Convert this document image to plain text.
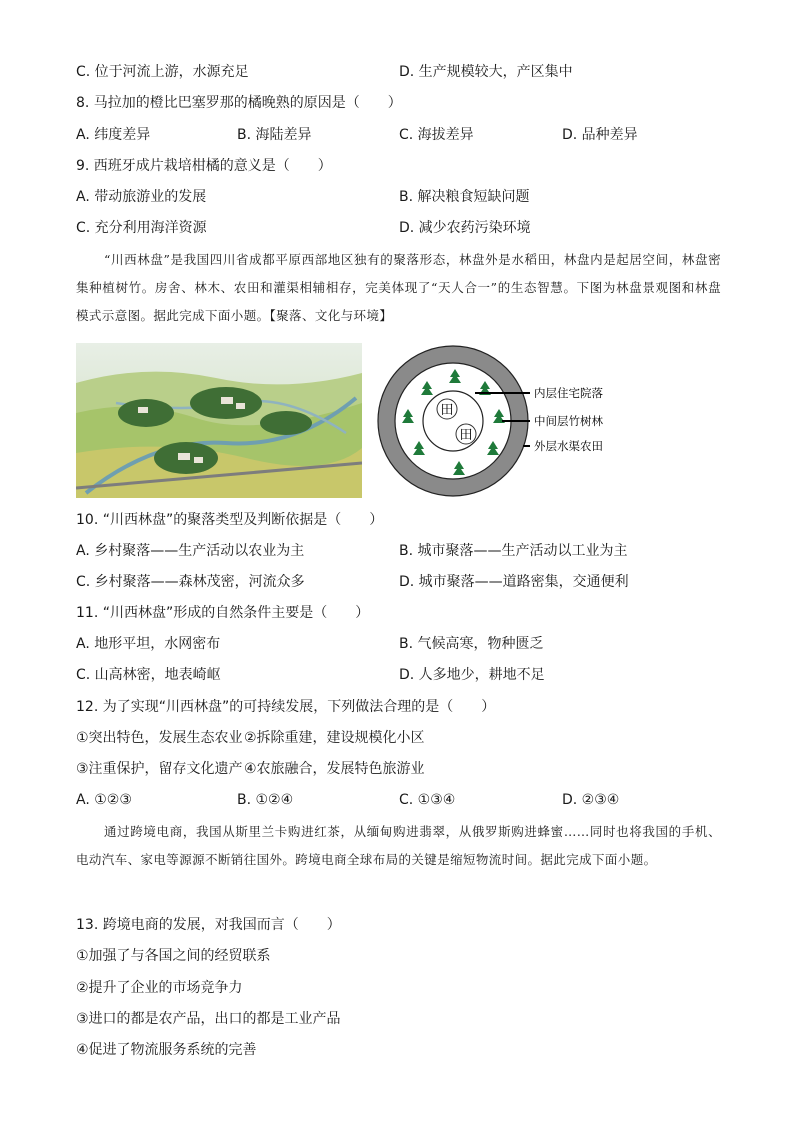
C. 位于河流上游，水源充足	D. 生产规模较大，产区集中
8. 马拉加的橙比巴塞罗那的橘晚熟的原因是（　　）
A. 纬度差异	B. 海陆差异	C. 海拔差异	D. 品种差异
9. 西班牙成片栽培柑橘的意义是（　　）
A. 带动旅游业的发展	B. 解决粮食短缺问题
C. 充分利用海洋资源	D. 减少农药污染环境

“川西林盘”是我国四川省成都平原西部地区独有的聚落形态，林盘外是水稻田，林盘内是起居空间，林盘密集种植树竹。房舍、林木、农田和灌渠相辅相存，完美体现了“天人合一”的生态智慧。下图为林盘景观图和林盘模式示意图。据此完成下面小题。【聚落、文化与环境】

田
田
内层住宅院落
中间层竹树林
外层水渠农田
10. “川西林盘”的聚落类型及判断依据是（　　）
A. 乡村聚落——生产活动以农业为主	B. 城市聚落——生产活动以工业为主
C. 乡村聚落——森林茂密，河流众多	D. 城市聚落——道路密集，交通便利
11. “川西林盘”形成的自然条件主要是（　　）
A. 地形平坦，水网密布	B. 气候高寒，物种匮乏
C. 山高林密，地表崎岖	D. 人多地少，耕地不足
12. 为了实现“川西林盘”的可持续发展，下列做法合理的是（　　）
①突出特色，发展生态农业 ②拆除重建，建设规模化小区
③注重保护，留存文化遗产 ④农旅融合，发展特色旅游业
A. ①②③	B. ①②④	C. ①③④	D. ②③④

通过跨境电商，我国从斯里兰卡购进红茶，从缅甸购进翡翠，从俄罗斯购进蜂蜜……同时也将我国的手机、电动汽车、家电等源源不断销往国外。跨境电商全球布局的关键是缩短物流时间。据此完成下面小题。

13. 跨境电商的发展，对我国而言（　　）
①加强了与各国之间的经贸联系
②提升了企业的市场竞争力
③进口的都是农产品，出口的都是工业产品
④促进了物流服务系统的完善
